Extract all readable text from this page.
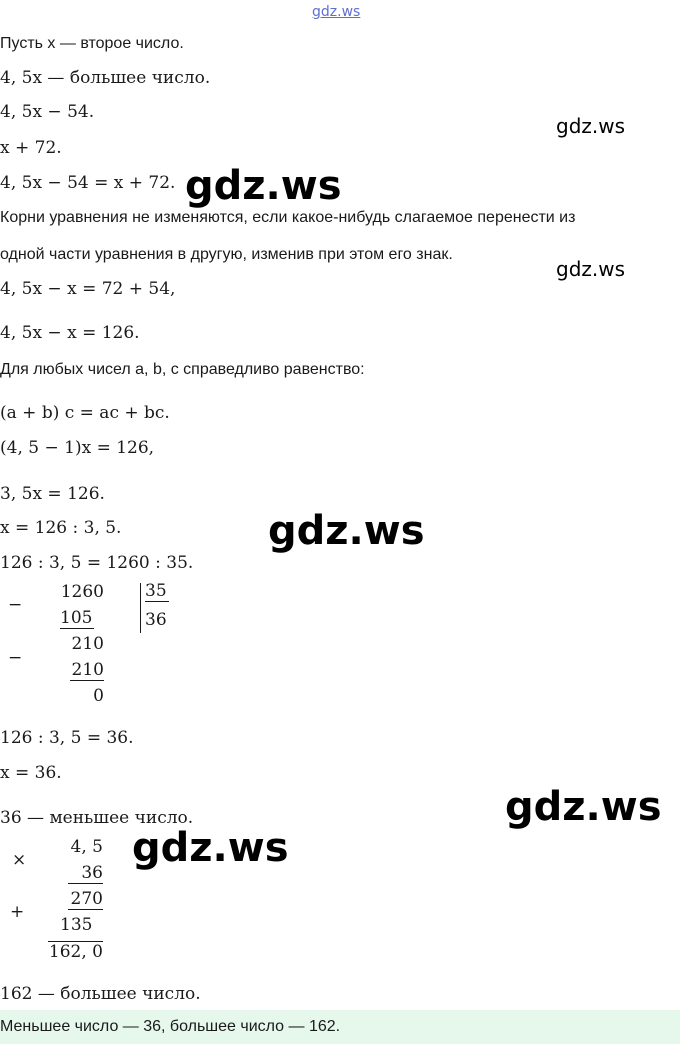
gdz.ws
gdz.ws
gdz.ws
gdz.ws
gdz.ws
gdz.ws
gdz.ws
Пусть x — второе число.
4, 5x — большее число.
4, 5x − 54.
x + 72.
4, 5x − 54 = x + 72.
Корни уравнения не изменяются, если какое-нибудь слагаемое перенести из
одной части уравнения в другую, изменив при этом его знак.
4, 5x − x = 72 + 54,
4, 5x − x = 126.
Для любых чисел a, b, c справедливо равенство:
(a + b) c = ac + bc.
(4, 5 − 1)x = 126,
3, 5x = 126.
x = 126 : 3, 5.
126 : 3, 5 = 1260 : 35.
−
−
1260
105
210
210
0
35
36
126 : 3, 5 = 36.
x = 36.
36 — меньшее число.
×
+
4, 5
36
270
135
162, 0
162 — большее число.
Меньшее число — 36, большее число — 162.
